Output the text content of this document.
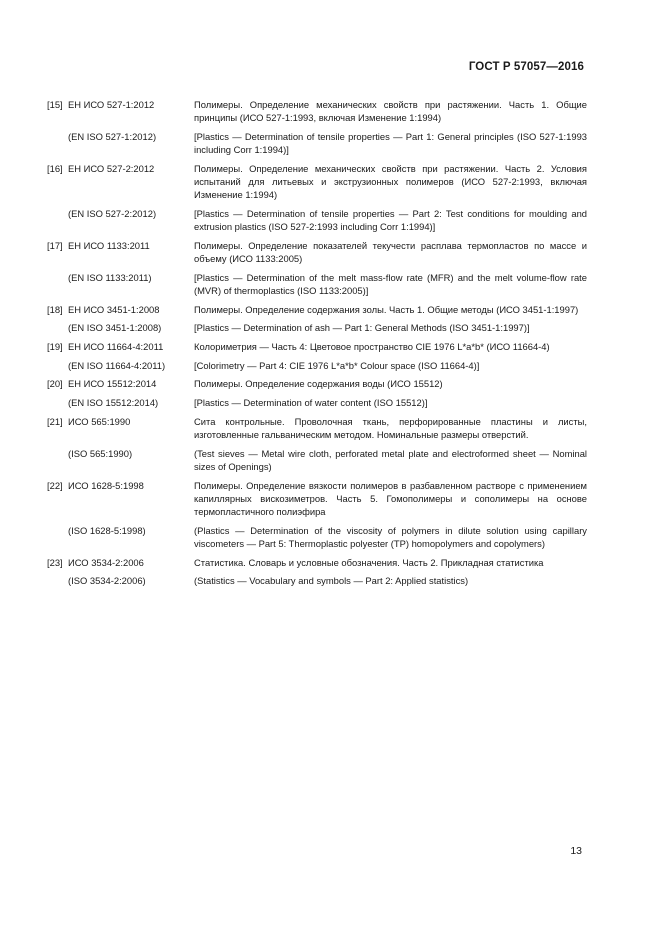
ГОСТ Р 57057—2016
[15] ЕН ИСО 527-1:2012	Полимеры. Определение механических свойств при растяжении. Часть 1. Общие принципы (ИСО 527-1:1993, включая Изменение 1:1994)
(EN ISO 527-1:2012)	[Plastics — Determination of tensile properties — Part 1: General principles (ISO 527-1:1993 including Corr 1:1994)]
[16] ЕН ИСО 527-2:2012	Полимеры. Определение механических свойств при растяжении. Часть 2. Условия испытаний для литьевых и экструзионных полимеров (ИСО 527-2:1993, включая Изменение 1:1994)
(EN ISO 527-2:2012)	[Plastics — Determination of tensile properties — Part 2: Test conditions for moulding and extrusion plastics (ISO 527-2:1993 including Corr 1:1994)]
[17] ЕН ИСО 1133:2011	Полимеры. Определение показателей текучести расплава термопластов по массе и объему (ИСО 1133:2005)
(EN ISO 1133:2011)	[Plastics — Determination of the melt mass-flow rate (MFR) and the melt volume-flow rate (MVR) of thermoplastics (ISO 1133:2005)]
[18] ЕН ИСО 3451-1:2008	Полимеры. Определение содержания золы. Часть 1. Общие методы (ИСО 3451-1:1997)
(EN ISO 3451-1:2008)	[Plastics — Determination of ash — Part 1: General Methods (ISO 3451-1:1997)]
[19] ЕН ИСО 11664-4:2011	Колориметрия — Часть 4: Цветовое пространство CIE 1976 L*a*b* (ИСО 11664-4)
(EN ISO 11664-4:2011)	[Colorimetry — Part 4: CIE 1976 L*a*b* Colour space (ISO 11664-4)]
[20] ЕН ИСО 15512:2014	Полимеры. Определение содержания воды (ИСО 15512)
(EN ISO 15512:2014)	[Plastics — Determination of water content (ISO 15512)]
[21] ИСО 565:1990	Сита контрольные. Проволочная ткань, перфорированные пластины и листы, изготовленные гальваническим методом. Номинальные размеры отверстий.
(ISO 565:1990)	(Test sieves — Metal wire cloth, perforated metal plate and electroformed sheet — Nominal sizes of Openings)
[22] ИСО 1628-5:1998	Полимеры. Определение вязкости полимеров в разбавленном растворе с применением капиллярных вискозиметров. Часть 5. Гомополимеры и сополимеры на основе термопластичного полиэфира
(ISO 1628-5:1998)	(Plastics — Determination of the viscosity of polymers in dilute solution using capillary viscometers — Part 5: Thermoplastic polyester (TP) homopolymers and copolymers)
[23] ИСО 3534-2:2006	Статистика. Словарь и условные обозначения. Часть 2. Прикладная статистика
(ISO 3534-2:2006)	(Statistics — Vocabulary and symbols — Part 2: Applied statistics)
13
